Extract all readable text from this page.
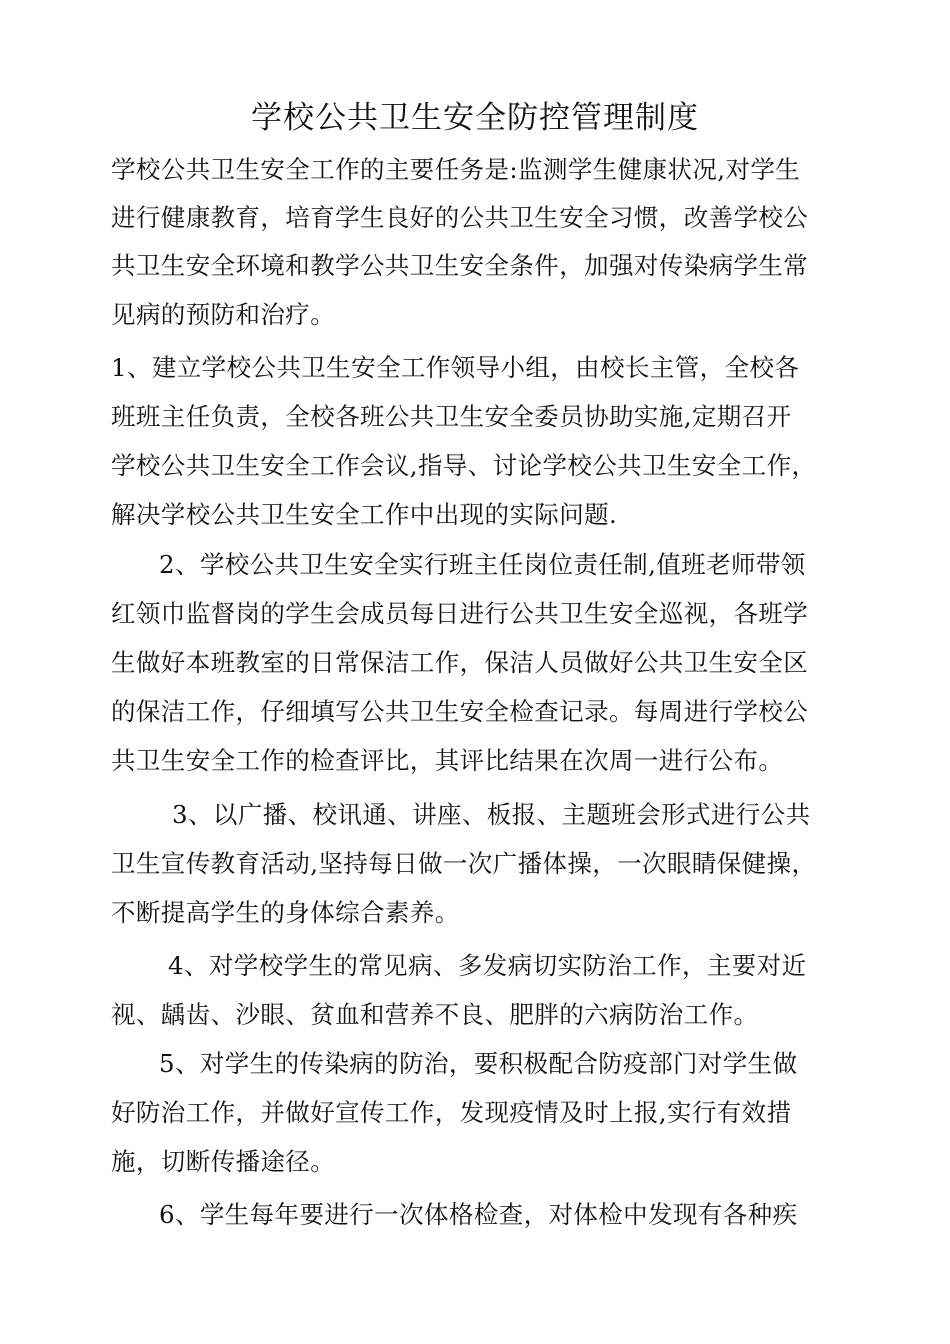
学校公共卫生安全防控管理制度
学校公共卫生安全工作的主要任务是:监测学生健康状况,对学生
进行健康教育，培育学生良好的公共卫生安全习惯，改善学校公
共卫生安全环境和教学公共卫生安全条件，加强对传染病学生常
见病的预防和治疗。
1、建立学校公共卫生安全工作领导小组，由校长主管，全校各
班班主任负责，全校各班公共卫生安全委员协助实施,定期召开
学校公共卫生安全工作会议,指导、讨论学校公共卫生安全工作，
解决学校公共卫生安全工作中出现的实际问题.
2、学校公共卫生安全实行班主任岗位责任制,值班老师带领
红领巾监督岗的学生会成员每日进行公共卫生安全巡视，各班学
生做好本班教室的日常保洁工作，保洁人员做好公共卫生安全区
的保洁工作，仔细填写公共卫生安全检查记录。每周进行学校公
共卫生安全工作的检查评比，其评比结果在次周一进行公布。
3、以广播、校讯通、讲座、板报、主题班会形式进行公共
卫生宣传教育活动,坚持每日做一次广播体操，一次眼睛保健操，
不断提高学生的身体综合素养。
4、对学校学生的常见病、多发病切实防治工作，主要对近
视、龋齿、沙眼、贫血和营养不良、肥胖的六病防治工作。
5、对学生的传染病的防治，要积极配合防疫部门对学生做
好防治工作，并做好宣传工作，发现疫情及时上报,实行有效措
施，切断传播途径。
6、学生每年要进行一次体格检查，对体检中发现有各种疾
